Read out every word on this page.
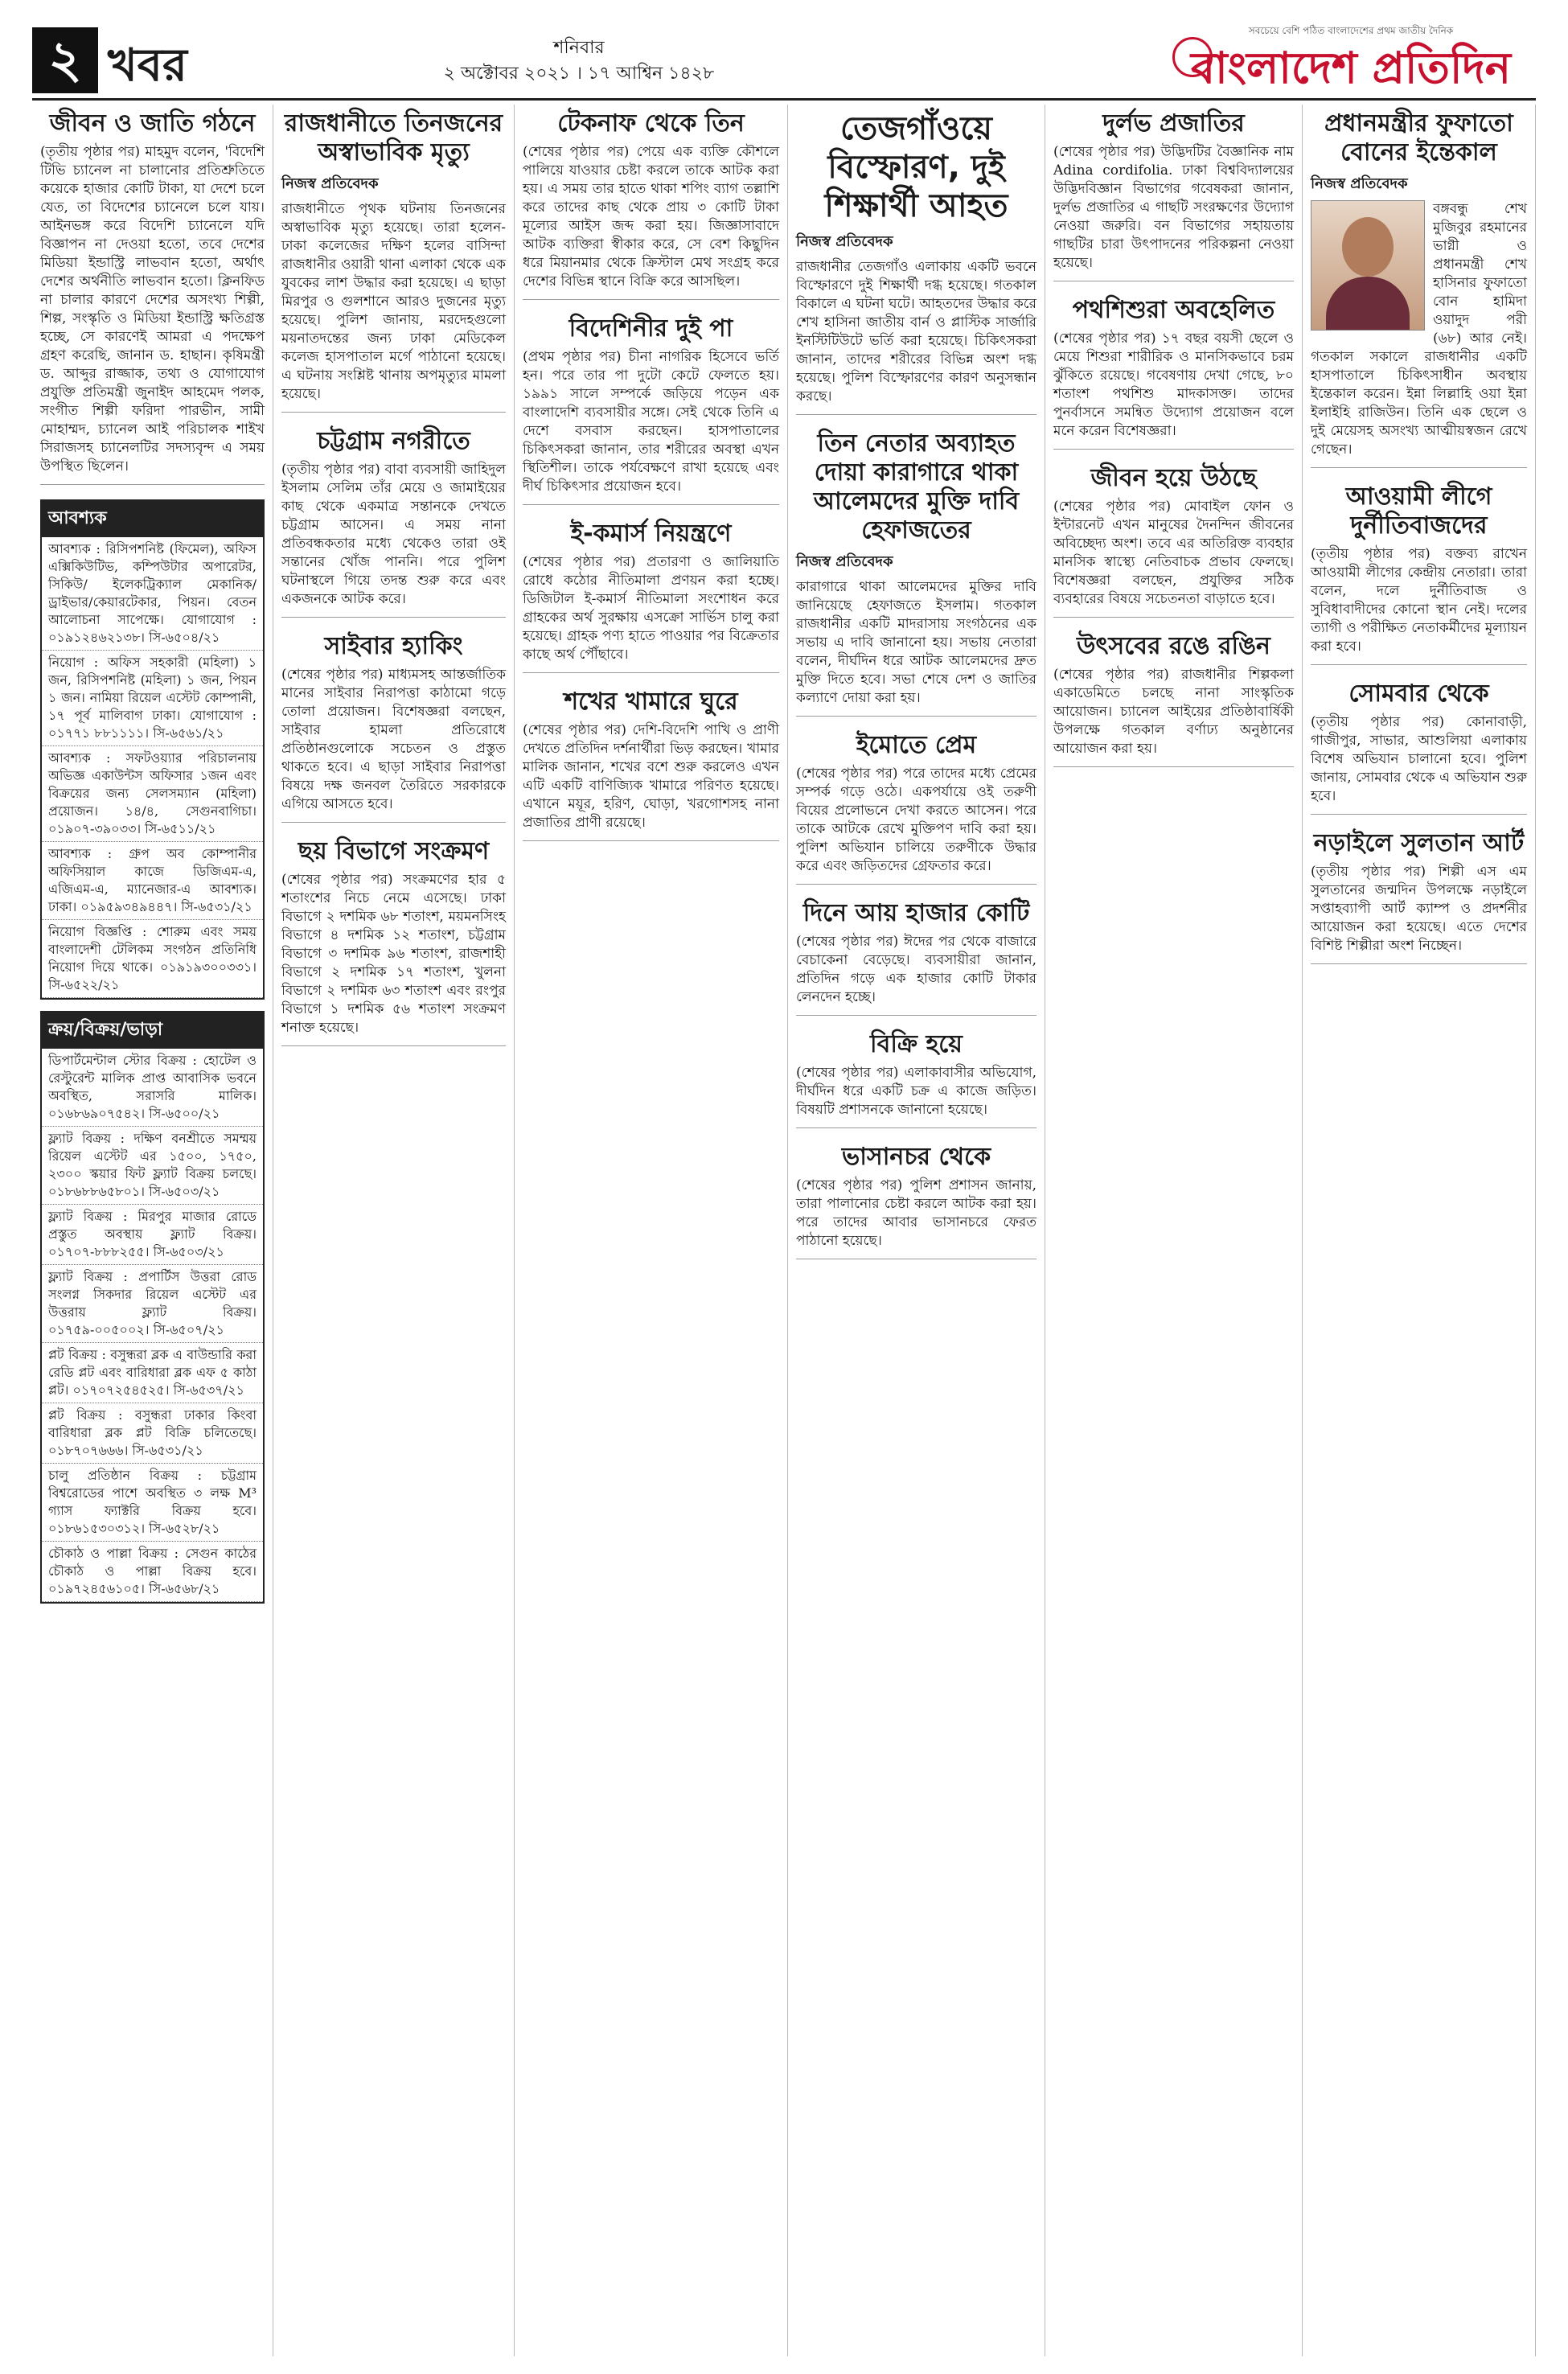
২ খবর	শনিবার
২ অক্টোবর ২০২১ । ১৭ আশ্বিন ১৪২৮
সবচেয়ে বেশি পঠিত বাংলাদেশের প্রথম জাতীয় দৈনিক
বাংলাদেশ প্রতিদিন
জীবন ও জাতি গঠনে

(তৃতীয় পৃষ্ঠার পর) মাহমুদ বলেন, 'বিদেশি টিভি চ্যানেল না চালানোর প্রতিশ্রুতিতে কয়েকে হাজার কোটি টাকা, যা দেশে চলে যেত, তা বিদেশের চ্যানেলে চলে যায়। আইনভঙ্গ করে বিদেশি চ্যানেলে যদি বিজ্ঞাপন না দেওয়া হতো, তবে দেশের মিডিয়া ইন্ডাস্ট্রি লাভবান হতো, অর্থাৎ দেশের অর্থনীতি লাভবান হতো। ক্লিনফিড না চালার কারণে দেশের অসংখ্য শিল্পী, শিল্প, সংস্কৃতি ও মিডিয়া ইন্ডাস্ট্রি ক্ষতিগ্রস্ত হচ্ছে, সে কারণেই আমরা এ পদক্ষেপ গ্রহণ করেছি, জানান ড. হাছান। কৃষিমন্ত্রী ড. আব্দুর রাজ্জাক, তথ্য ও যোগাযোগ প্রযুক্তি প্রতিমন্ত্রী জুনাইদ আহমেদ পলক, সংগীত শিল্পী ফরিদা পারভীন, সামী মোহাম্মদ, চ্যানেল আই পরিচালক শাইখ সিরাজসহ চ্যানেলটির সদস্যবৃন্দ এ সময় উপস্থিত ছিলেন।

আবশ্যক
আবশ্যক : রিসিপশনিষ্ট (ফিমেল), অফিস এক্সিকিউটিভ, কম্পিউটার অপারেটর, সিকিউ/ ইলেকট্রিক্যাল মেকানিক/ ড্রাইভার/কেয়ারটেকার, পিয়ন। বেতন আলোচনা সাপেক্ষে। যোগাযোগ : ০১৯১২৪৬২১৩৮। সি-৬৫০৪/২১
নিয়োগ : অফিস সহকারী (মহিলা) ১ জন, রিসিপশনিষ্ট (মহিলা) ১ জন, পিয়ন ১ জন। নামিয়া রিয়েল এস্টেট কোম্পানী, ১৭ পূর্ব মালিবাগ ঢাকা। যোগাযোগ : ০১৭৭১ ৮৮১১১১। সি-৬৫৬১/২১
আবশ্যক : সফটওয়্যার পরিচালনায় অভিজ্ঞ একাউন্টস অফিসার ১জন এবং বিক্রয়ের জন্য সেলসম্যান (মহিলা) প্রয়োজন। ১৪/৪, সেগুনবাগিচা। ০১৯০৭-৩৯০৩৩। সি-৬৫১১/২১
আবশ্যক : গ্রুপ অব কোম্পানীর অফিসিয়াল কাজে ডিজিএম-এ, এজিএম-এ, ম্যানেজার-এ আবশ্যক। ঢাকা। ০১৯৫৯৩৪৯৪৪৭। সি-৬৫৩১/২১
নিয়োগ বিজ্ঞপ্তি : শোরুম এবং সময় বাংলাদেশী টেলিকম সংগঠন প্রতিনিধি নিয়োগ দিয়ে থাকে। ০১৯১৯৩০০৩৩১। সি-৬৫২২/২১
ক্রয়/বিক্রয়/ভাড়া
ডিপার্টমেন্টাল স্টোর বিক্রয় : হোটেল ও রেস্টুরেন্ট মালিক প্রাপ্ত আবাসিক ভবনে অবস্থিত, সরাসরি মালিক। ০১৬৮৬৯০৭৫৪২। সি-৬৫০০/২১
ফ্ল্যাট বিক্রয় : দক্ষিণ বনশ্রীতে সমম্ময় রিয়েল এস্টেট এর ১৫০০, ১৭৫০, ২৩০০ স্কয়ার ফিট ফ্ল্যাট বিক্রয় চলছে। ০১৮৬৮৮৬৫৮০১। সি-৬৫০৩/২১
ফ্ল্যাট বিক্রয় : মিরপুর মাজার রোডে প্রস্তুত অবস্থায় ফ্ল্যাট বিক্রয়। ০১৭০৭-৮৮৮২৫৫। সি-৬৫০৩/২১
ফ্ল্যাট বিক্রয় : প্রপার্টিস উত্তরা রোড সংলগ্ন সিকদার রিয়েল এস্টেট এর উত্তরায় ফ্ল্যাট বিক্রয়। ০১৭৫৯-০০৫০০২। সি-৬৫০৭/২১
প্লট বিক্রয় : বসুন্ধরা ব্লক এ বাউন্ডারি করা রেডি প্লট এবং বারিধারা ব্লক এফ ৫ কাঠা প্লট। ০১৭০৭২৫৪৫২৫। সি-৬৫৩৭/২১
প্লট বিক্রয় : বসুন্ধরা ঢাকার কিংবা বারিধারা ব্লক প্লট বিক্রি চলিতেছে। ০১৮৭০৭৬৬৬। সি-৬৫৩১/২১
চালু প্রতিষ্ঠান বিক্রয় : চট্টগ্রাম বিশ্বরোডের পাশে অবস্থিত ৩ লক্ষ M³ গ্যাস ফ্যাক্টরি বিক্রয় হবে। ০১৮৬১৫৩০৩১২। সি-৬৫২৮/২১
চৌকাঠ ও পাল্লা বিক্রয় : সেগুন কাঠের চৌকাঠ ও পাল্লা বিক্রয় হবে। ০১৯৭২৪৫৬১০৫। সি-৬৫৬৮/২১
রাজধানীতে তিনজনের অস্বাভাবিক মৃত্যু
নিজস্ব প্রতিবেদক

রাজধানীতে পৃথক ঘটনায় তিনজনের অস্বাভাবিক মৃত্যু হয়েছে। তারা হলেন- ঢাকা কলেজের দক্ষিণ হলের বাসিন্দা রাজধানীর ওয়ারী থানা এলাকা থেকে এক যুবকের লাশ উদ্ধার করা হয়েছে। এ ছাড়া মিরপুর ও গুলশানে আরও দুজনের মৃত্যু হয়েছে। পুলিশ জানায়, মরদেহগুলো ময়নাতদন্তের জন্য ঢাকা মেডিকেল কলেজ হাসপাতাল মর্গে পাঠানো হয়েছে। এ ঘটনায় সংশ্লিষ্ট থানায় অপমৃত্যুর মামলা হয়েছে।

চট্টগ্রাম নগরীতে

(তৃতীয় পৃষ্ঠার পর) বাবা ব্যবসায়ী জাহিদুল ইসলাম সেলিম তাঁর মেয়ে ও জামাইয়ের কাছ থেকে একমাত্র সন্তানকে দেখতে চট্টগ্রাম আসেন। এ সময় নানা প্রতিবন্ধকতার মধ্যে থেকেও তারা ওই সন্তানের খোঁজ পাননি। পরে পুলিশ ঘটনাস্থলে গিয়ে তদন্ত শুরু করে এবং একজনকে আটক করে।

সাইবার হ্যাকিং

(শেষের পৃষ্ঠার পর) মাধ্যমসহ আন্তর্জাতিক মানের সাইবার নিরাপত্তা কাঠামো গড়ে তোলা প্রয়োজন। বিশেষজ্ঞরা বলছেন, সাইবার হামলা প্রতিরোধে প্রতিষ্ঠানগুলোকে সচেতন ও প্রস্তুত থাকতে হবে। এ ছাড়া সাইবার নিরাপত্তা বিষয়ে দক্ষ জনবল তৈরিতে সরকারকে এগিয়ে আসতে হবে।

ছয় বিভাগে সংক্রমণ

(শেষের পৃষ্ঠার পর) সংক্রমণের হার ৫ শতাংশের নিচে নেমে এসেছে। ঢাকা বিভাগে ২ দশমিক ৬৮ শতাংশ, ময়মনসিংহ বিভাগে ৪ দশমিক ১২ শতাংশ, চট্টগ্রাম বিভাগে ৩ দশমিক ৯৬ শতাংশ, রাজশাহী বিভাগে ২ দশমিক ১৭ শতাংশ, খুলনা বিভাগে ২ দশমিক ৬৩ শতাংশ এবং রংপুর বিভাগে ১ দশমিক ৫৬ শতাংশ সংক্রমণ শনাক্ত হয়েছে।

টেকনাফ থেকে তিন

(শেষের পৃষ্ঠার পর) পেয়ে এক ব্যক্তি কৌশলে পালিয়ে যাওয়ার চেষ্টা করলে তাকে আটক করা হয়। এ সময় তার হাতে থাকা শপিং ব্যাগ তল্লাশি করে তাদের কাছ থেকে প্রায় ৩ কোটি টাকা মূল্যের আইস জব্দ করা হয়। জিজ্ঞাসাবাদে আটক ব্যক্তিরা স্বীকার করে, সে বেশ কিছুদিন ধরে মিয়ানমার থেকে ক্রিস্টাল মেথ সংগ্রহ করে দেশের বিভিন্ন স্থানে বিক্রি করে আসছিল।

বিদেশিনীর দুই পা

(প্রথম পৃষ্ঠার পর) চীনা নাগরিক হিসেবে ভর্তি হন। পরে তার পা দুটো কেটে ফেলতে হয়। ১৯৯১ সালে সম্পর্কে জড়িয়ে পড়েন এক বাংলাদেশি ব্যবসায়ীর সঙ্গে। সেই থেকে তিনি এ দেশে বসবাস করছেন। হাসপাতালের চিকিৎসকরা জানান, তার শরীরের অবস্থা এখন স্থিতিশীল। তাকে পর্যবেক্ষণে রাখা হয়েছে এবং দীর্ঘ চিকিৎসার প্রয়োজন হবে।

ই-কমার্স নিয়ন্ত্রণে

(শেষের পৃষ্ঠার পর) প্রতারণা ও জালিয়াতি রোধে কঠোর নীতিমালা প্রণয়ন করা হচ্ছে। ডিজিটাল ই-কমার্স নীতিমালা সংশোধন করে গ্রাহকের অর্থ সুরক্ষায় এসক্রো সার্ভিস চালু করা হয়েছে। গ্রাহক পণ্য হাতে পাওয়ার পর বিক্রেতার কাছে অর্থ পৌঁছাবে।

শখের খামারে ঘুরে

(শেষের পৃষ্ঠার পর) দেশি-বিদেশি পাখি ও প্রাণী দেখতে প্রতিদিন দর্শনার্থীরা ভিড় করছেন। খামার মালিক জানান, শখের বশে শুরু করলেও এখন এটি একটি বাণিজ্যিক খামারে পরিণত হয়েছে। এখানে ময়ূর, হরিণ, ঘোড়া, খরগোশসহ নানা প্রজাতির প্রাণী রয়েছে।

তেজগাঁওয়ে বিস্ফোরণ, দুই শিক্ষার্থী আহত
নিজস্ব প্রতিবেদক

রাজধানীর তেজগাঁও এলাকায় একটি ভবনে বিস্ফোরণে দুই শিক্ষার্থী দগ্ধ হয়েছে। গতকাল বিকালে এ ঘটনা ঘটে। আহতদের উদ্ধার করে শেখ হাসিনা জাতীয় বার্ন ও প্লাস্টিক সার্জারি ইনস্টিটিউটে ভর্তি করা হয়েছে। চিকিৎসকরা জানান, তাদের শরীরের বিভিন্ন অংশ দগ্ধ হয়েছে। পুলিশ বিস্ফোরণের কারণ অনুসন্ধান করছে।

তিন নেতার অব্যাহত দোয়া কারাগারে থাকা আলেমদের মুক্তি দাবি হেফাজতের
নিজস্ব প্রতিবেদক

কারাগারে থাকা আলেমদের মুক্তির দাবি জানিয়েছে হেফাজতে ইসলাম। গতকাল রাজধানীর একটি মাদরাসায় সংগঠনের এক সভায় এ দাবি জানানো হয়। সভায় নেতারা বলেন, দীর্ঘদিন ধরে আটক আলেমদের দ্রুত মুক্তি দিতে হবে। সভা শেষে দেশ ও জাতির কল্যাণে দোয়া করা হয়।

ইমোতে প্রেম

(শেষের পৃষ্ঠার পর) পরে তাদের মধ্যে প্রেমের সম্পর্ক গড়ে ওঠে। একপর্যায়ে ওই তরুণী বিয়ের প্রলোভনে দেখা করতে আসেন। পরে তাকে আটকে রেখে মুক্তিপণ দাবি করা হয়। পুলিশ অভিযান চালিয়ে তরুণীকে উদ্ধার করে এবং জড়িতদের গ্রেফতার করে।

দিনে আয় হাজার কোটি

(শেষের পৃষ্ঠার পর) ঈদের পর থেকে বাজারে বেচাকেনা বেড়েছে। ব্যবসায়ীরা জানান, প্রতিদিন গড়ে এক হাজার কোটি টাকার লেনদেন হচ্ছে।

বিক্রি হয়ে

(শেষের পৃষ্ঠার পর) এলাকাবাসীর অভিযোগ, দীর্ঘদিন ধরে একটি চক্র এ কাজে জড়িত। বিষয়টি প্রশাসনকে জানানো হয়েছে।

ভাসানচর থেকে

(শেষের পৃষ্ঠার পর) পুলিশ প্রশাসন জানায়, তারা পালানোর চেষ্টা করলে আটক করা হয়। পরে তাদের আবার ভাসানচরে ফেরত পাঠানো হয়েছে।

দুর্লভ প্রজাতির

(শেষের পৃষ্ঠার পর) উদ্ভিদটির বৈজ্ঞানিক নাম Adina cordifolia. ঢাকা বিশ্ববিদ্যালয়ের উদ্ভিদবিজ্ঞান বিভাগের গবেষকরা জানান, দুর্লভ প্রজাতির এ গাছটি সংরক্ষণের উদ্যোগ নেওয়া জরুরি। বন বিভাগের সহায়তায় গাছটির চারা উৎপাদনের পরিকল্পনা নেওয়া হয়েছে।

পথশিশুরা অবহেলিত

(শেষের পৃষ্ঠার পর) ১৭ বছর বয়সী ছেলে ও মেয়ে শিশুরা শারীরিক ও মানসিকভাবে চরম ঝুঁকিতে রয়েছে। গবেষণায় দেখা গেছে, ৮০ শতাংশ পথশিশু মাদকাসক্ত। তাদের পুনর্বাসনে সমন্বিত উদ্যোগ প্রয়োজন বলে মনে করেন বিশেষজ্ঞরা।

জীবন হয়ে উঠছে

(শেষের পৃষ্ঠার পর) মোবাইল ফোন ও ইন্টারনেট এখন মানুষের দৈনন্দিন জীবনের অবিচ্ছেদ্য অংশ। তবে এর অতিরিক্ত ব্যবহার মানসিক স্বাস্থ্যে নেতিবাচক প্রভাব ফেলছে। বিশেষজ্ঞরা বলছেন, প্রযুক্তির সঠিক ব্যবহারের বিষয়ে সচেতনতা বাড়াতে হবে।

উৎসবের রঙে রঙিন

(শেষের পৃষ্ঠার পর) রাজধানীর শিল্পকলা একাডেমিতে চলছে নানা সাংস্কৃতিক আয়োজন। চ্যানেল আইয়ের প্রতিষ্ঠাবার্ষিকী উপলক্ষে গতকাল বর্ণাঢ্য অনুষ্ঠানের আয়োজন করা হয়।

প্রধানমন্ত্রীর ফুফাতো বোনের ইন্তেকাল
নিজস্ব প্রতিবেদক

বঙ্গবন্ধু শেখ মুজিবুর রহমানের ভাগ্নী ও প্রধানমন্ত্রী শেখ হাসিনার ফুফাতো বোন হামিদা ওয়াদুদ পরী (৬৮) আর নেই। গতকাল সকালে রাজধানীর একটি হাসপাতালে চিকিৎসাধীন অবস্থায় ইন্তেকাল করেন। ইন্না লিল্লাহি ওয়া ইন্না ইলাইহি রাজিউন। তিনি এক ছেলে ও দুই মেয়েসহ অসংখ্য আত্মীয়স্বজন রেখে গেছেন।

আওয়ামী লীগে দুর্নীতিবাজদের

(তৃতীয় পৃষ্ঠার পর) বক্তব্য রাখেন আওয়ামী লীগের কেন্দ্রীয় নেতারা। তারা বলেন, দলে দুর্নীতিবাজ ও সুবিধাবাদীদের কোনো স্থান নেই। দলের ত্যাগী ও পরীক্ষিত নেতাকর্মীদের মূল্যায়ন করা হবে।

সোমবার থেকে

(তৃতীয় পৃষ্ঠার পর) কোনাবাড়ী, গাজীপুর, সাভার, আশুলিয়া এলাকায় বিশেষ অভিযান চালানো হবে। পুলিশ জানায়, সোমবার থেকে এ অভিযান শুরু হবে।

নড়াইলে সুলতান আর্ট

(তৃতীয় পৃষ্ঠার পর) শিল্পী এস এম সুলতানের জন্মদিন উপলক্ষে নড়াইলে সপ্তাহব্যাপী আর্ট ক্যাম্প ও প্রদর্শনীর আয়োজন করা হয়েছে। এতে দেশের বিশিষ্ট শিল্পীরা অংশ নিচ্ছেন।
